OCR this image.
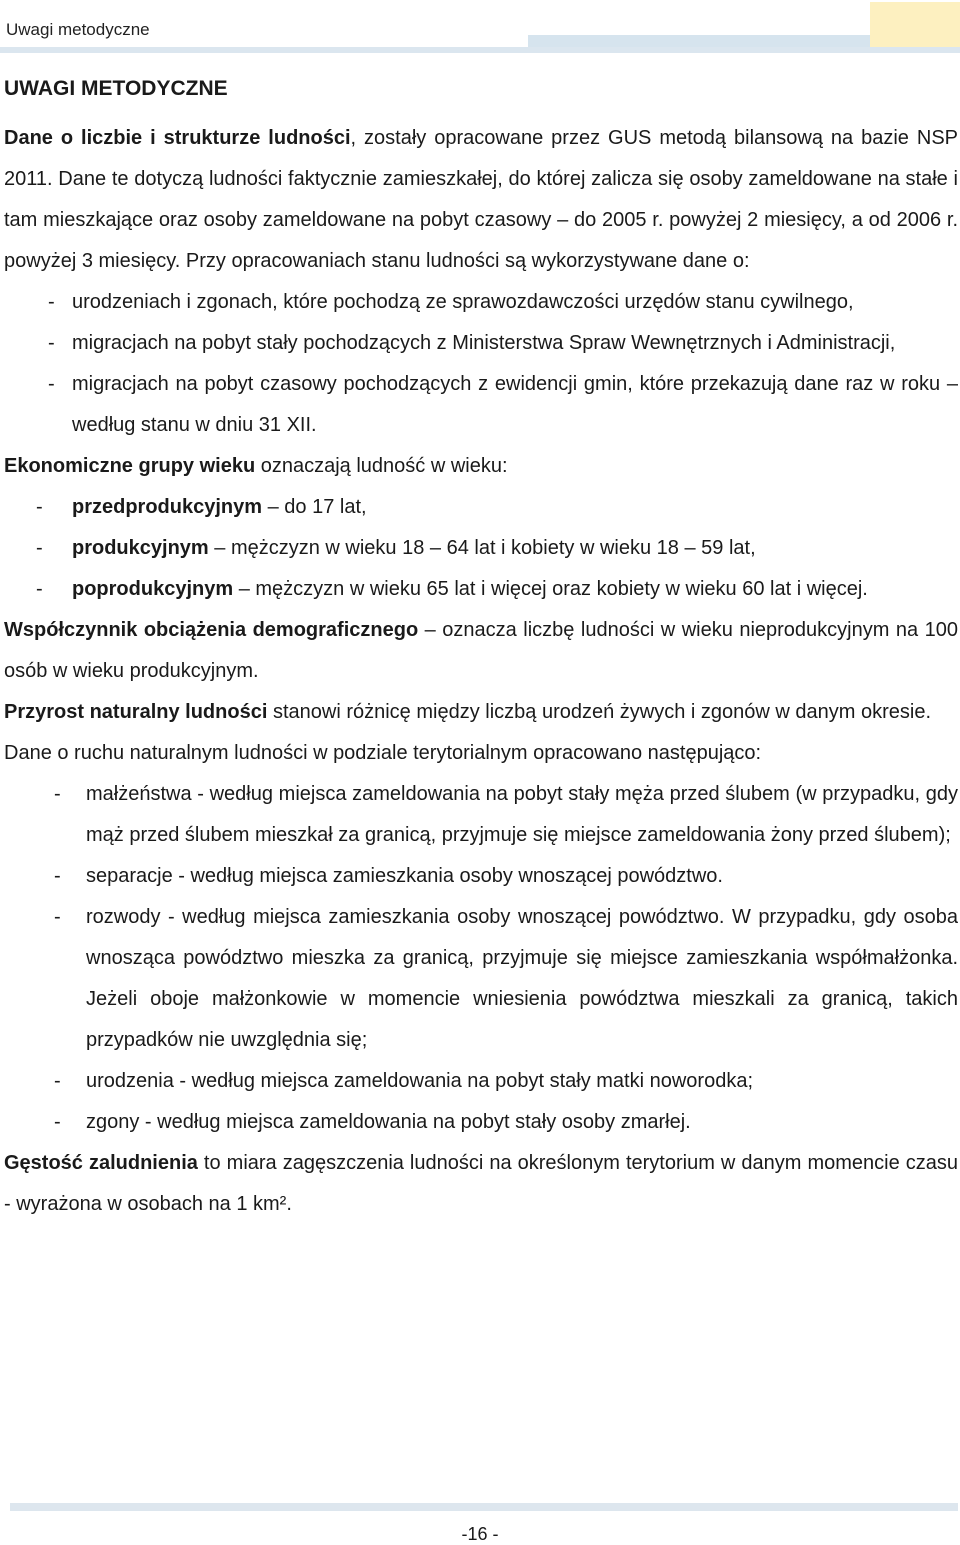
Uwagi metodyczne
UWAGI METODYCZNE

Dane o liczbie i strukturze ludności, zostały opracowane przez GUS metodą bilansową na bazie NSP 2011. Dane te dotyczą ludności faktycznie zamieszkałej, do której zalicza się osoby zameldowane na stałe i tam mieszkające oraz osoby zameldowane na pobyt czasowy – do 2005 r. powyżej 2 miesięcy, a od 2006 r. powyżej 3 miesięcy. Przy opracowaniach stanu ludności są wykorzystywane dane o:

- urodzeniach i zgonach, które pochodzą ze sprawozdawczości urzędów stanu cywilnego,
- migracjach na pobyt stały pochodzących z Ministerstwa Spraw Wewnętrznych i Administracji,
- migracjach na pobyt czasowy pochodzących z ewidencji gmin, które przekazują dane raz w roku – według stanu w dniu 31 XII.

Ekonomiczne grupy wieku oznaczają ludność w wieku:

- przedprodukcyjnym – do 17 lat,
- produkcyjnym – mężczyzn w wieku 18 – 64 lat i kobiety w wieku 18 – 59 lat,
- poprodukcyjnym – mężczyzn w wieku 65 lat i więcej oraz kobiety w wieku 60 lat i więcej.

Współczynnik obciążenia demograficznego – oznacza liczbę ludności w wieku nieprodukcyjnym na 100 osób w wieku produkcyjnym.

Przyrost naturalny ludności stanowi różnicę między liczbą urodzeń żywych i zgonów w danym okresie.

Dane o ruchu naturalnym ludności w podziale terytorialnym opracowano następująco:

- małżeństwa - według miejsca zameldowania na pobyt stały męża przed ślubem (w przypadku, gdy mąż przed ślubem mieszkał za granicą, przyjmuje się miejsce zameldowania żony przed ślubem);
- separacje - według miejsca zamieszkania osoby wnoszącej powództwo.
- rozwody - według miejsca zamieszkania osoby wnoszącej powództwo. W przypadku, gdy osoba wnosząca powództwo mieszka za granicą, przyjmuje się miejsce zamieszkania współmałżonka. Jeżeli oboje małżonkowie w momencie wniesienia powództwa mieszkali za granicą, takich przypadków nie uwzględnia się;
- urodzenia - według miejsca zameldowania na pobyt stały matki noworodka;
- zgony - według miejsca zameldowania na pobyt stały osoby zmarłej.

Gęstość zaludnienia to miara zagęszczenia ludności na określonym terytorium w danym momencie czasu - wyrażona w osobach na 1 km².

-16 -
